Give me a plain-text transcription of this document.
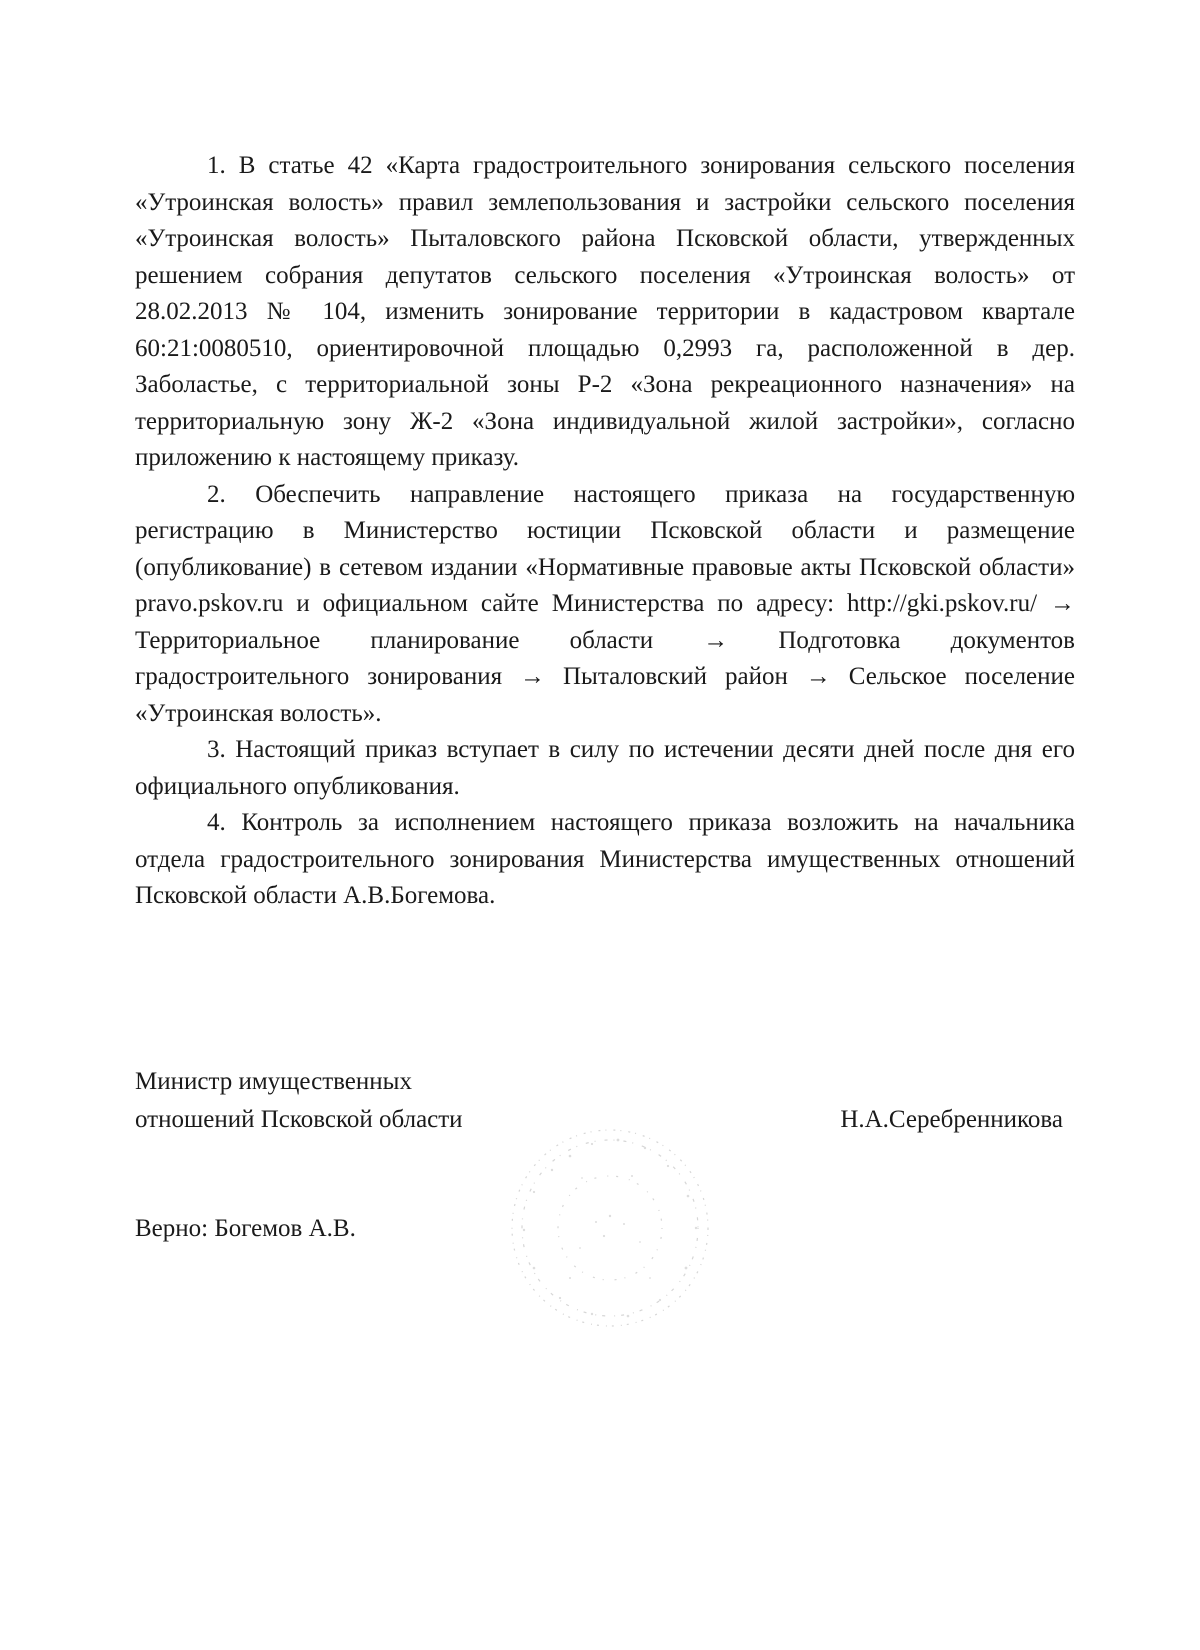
1. В статье 42 «Карта градостроительного зонирования сельского поселения «Утроинская волость» правил землепользования и застройки сельского поселения «Утроинская волость» Пыталовского района Псковской области, утвержденных решением собрания депутатов сельского поселения «Утроинская волость» от 28.02.2013 № 104, изменить зонирование территории в кадастровом квартале 60:21:0080510, ориентировочной площадью 0,2993 га, расположенной в дер. Заболастье, с территориальной зоны Р-2 «Зона рекреационного назначения» на территориальную зону Ж-2 «Зона индивидуальной жилой застройки», согласно приложению к настоящему приказу.

2. Обеспечить направление настоящего приказа на государственную регистрацию в Министерство юстиции Псковской области и размещение (опубликование) в сетевом издании «Нормативные правовые акты Псковской области» pravo.pskov.ru и официальном сайте Министерства по адресу: http://gki.pskov.ru/ → Территориальное планирование области → Подготовка документов градостроительного зонирования → Пыталовский район → Сельское поселение «Утроинская волость».

3. Настоящий приказ вступает в силу по истечении десяти дней после дня его официального опубликования.

4. Контроль за исполнением настоящего приказа возложить на начальника отдела градостроительного зонирования Министерства имущественных отношений Псковской области А.В.Богемова.

Министр имущественных
отношений Псковской области	Н.А.Серебренникова
Верно: Богемов А.В.
